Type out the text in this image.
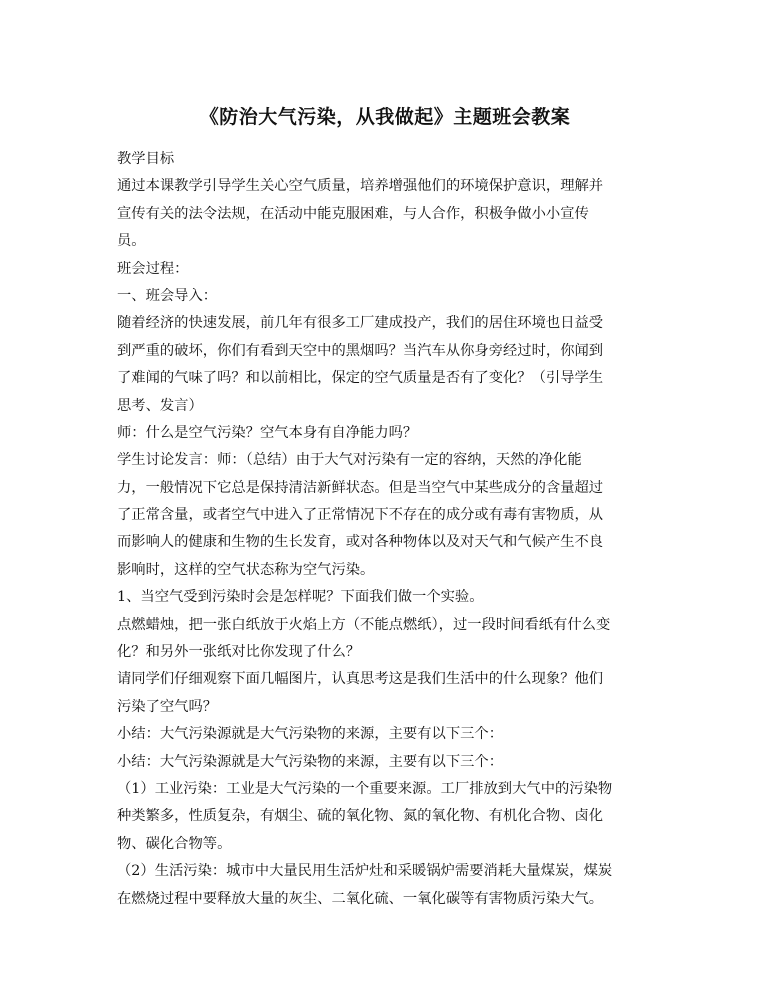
《防治大气污染，从我做起》主题班会教案
教学目标
通过本课教学引导学生关心空气质量，培养增强他们的环境保护意识，理解并
宣传有关的法令法规，在活动中能克服困难，与人合作，积极争做小小宣传
员。
班会过程：
一、班会导入：
随着经济的快速发展，前几年有很多工厂建成投产，我们的居住环境也日益受
到严重的破坏，你们有看到天空中的黑烟吗？当汽车从你身旁经过时，你闻到
了难闻的气味了吗？和以前相比，保定的空气质量是否有了变化？（引导学生
思考、发言）
师：什么是空气污染？空气本身有自净能力吗？
学生讨论发言：师：（总结）由于大气对污染有一定的容纳，天然的净化能
力，一般情况下它总是保持清洁新鲜状态。但是当空气中某些成分的含量超过
了正常含量，或者空气中进入了正常情况下不存在的成分或有毒有害物质，从
而影响人的健康和生物的生长发育，或对各种物体以及对天气和气候产生不良
影响时，这样的空气状态称为空气污染。
1、当空气受到污染时会是怎样呢？下面我们做一个实验。
点燃蜡烛，把一张白纸放于火焰上方（不能点燃纸），过一段时间看纸有什么变
化？和另外一张纸对比你发现了什么？
请同学们仔细观察下面几幅图片，认真思考这是我们生活中的什么现象？他们
污染了空气吗？
小结：大气污染源就是大气污染物的来源，主要有以下三个：
小结：大气污染源就是大气污染物的来源，主要有以下三个：
（1）工业污染：工业是大气污染的一个重要来源。工厂排放到大气中的污染物
种类繁多，性质复杂，有烟尘、硫的氧化物、氮的氧化物、有机化合物、卤化
物、碳化合物等。
（2）生活污染：城市中大量民用生活炉灶和采暖锅炉需要消耗大量煤炭，煤炭
在燃烧过程中要释放大量的灰尘、二氧化硫、一氧化碳等有害物质污染大气。
